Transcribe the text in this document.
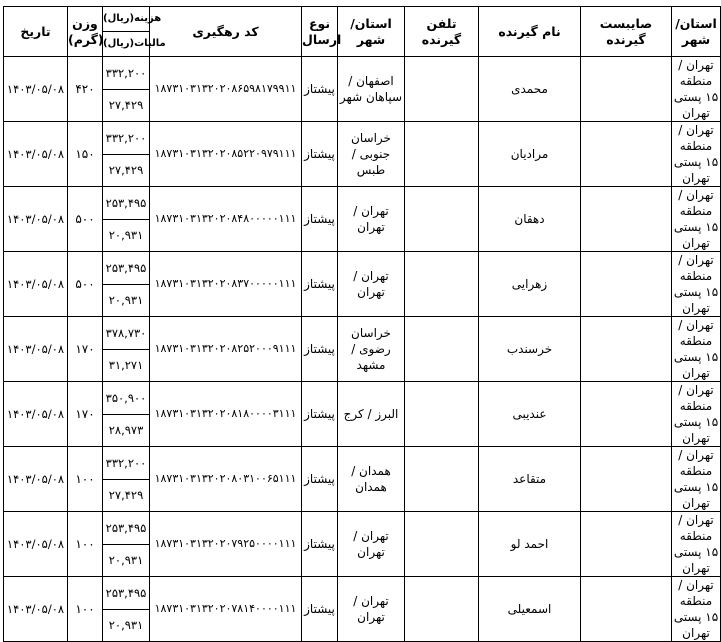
تاریخ	وزن (گرم)	هزینه(ریال)	کد رهگیری	نوع ارسال	استان/ شهر	تلفن گیرنده	نام گیرنده	صایبست گیرنده	استان/ شهر
		مالیات(ریال)							
۱۴۰۳/۰۵/۰۸	۴۲۰	۳۳۲,۲۰۰	۱۸۷۳۱۰۳۱۳۲۰۲۰۸۶۵۹۸۱۷۹۹۱۱	پیشتاز	اصفهان / سپاهان شهر		محمدی		تهران / منطقه ۱۵ پستی تهران
		۲۷,۴۲۹							
۱۴۰۳/۰۵/۰۸	۱۵۰	۳۳۲,۲۰۰	۱۸۷۳۱۰۳۱۳۲۰۲۰۸۵۲۲۰۹۷۹۱۱۱	پیشتاز	خراسان جنوبی / طبس		مرادیان		تهران / منطقه ۱۵ پستی تهران
		۲۷,۴۲۹							
۱۴۰۳/۰۵/۰۸	۵۰۰	۲۵۳,۴۹۵	۱۸۷۳۱۰۳۱۳۲۰۲۰۸۴۸۰۰۰۰۰۱۱۱	پیشتاز	تهران / تهران		دهقان		تهران / منطقه ۱۵ پستی تهران
		۲۰,۹۳۱							
۱۴۰۳/۰۵/۰۸	۵۰۰	۲۵۳,۴۹۵	۱۸۷۳۱۰۳۱۳۲۰۲۰۸۳۷۰۰۰۰۰۱۱۱	پیشتاز	تهران / تهران		زهرایی		تهران / منطقه ۱۵ پستی تهران
		۲۰,۹۳۱							
۱۴۰۳/۰۵/۰۸	۱۷۰	۳۷۸,۷۳۰	۱۸۷۳۱۰۳۱۳۲۰۲۰۸۲۵۲۰۰۰۹۱۱۱	پیشتاز	خراسان رضوی / مشهد		خرسندب		تهران / منطقه ۱۵ پستی تهران
		۳۱,۲۷۱							
۱۴۰۳/۰۵/۰۸	۱۷۰	۳۵۰,۹۰۰	۱۸۷۳۱۰۳۱۳۲۰۲۰۸۱۸۰۰۰۰۳۱۱۱	پیشتاز	البرز / کرج		عندیبی		تهران / منطقه ۱۵ پستی تهران
		۲۸,۹۷۳							
۱۴۰۳/۰۵/۰۸	۱۰۰	۳۳۲,۲۰۰	۱۸۷۳۱۰۳۱۳۲۰۲۰۸۰۳۱۰۰۶۵۱۱۱	پیشتاز	همدان / همدان		متقاعد		تهران / منطقه ۱۵ پستی تهران
		۲۷,۴۲۹							
۱۴۰۳/۰۵/۰۸	۱۰۰	۲۵۳,۴۹۵	۱۸۷۳۱۰۳۱۳۲۰۲۰۷۹۲۵۰۰۰۰۱۱۱	پیشتاز	تهران / تهران		احمد لو		تهران / منطقه ۱۵ پستی تهران
		۲۰,۹۳۱							
۱۴۰۳/۰۵/۰۸	۱۰۰	۲۵۳,۴۹۵	۱۸۷۳۱۰۳۱۳۲۰۲۰۷۸۱۴۰۰۰۰۱۱۱	پیشتاز	تهران / تهران		اسمعیلی		تهران / منطقه ۱۵ پستی تهران
		۲۰,۹۳۱							
